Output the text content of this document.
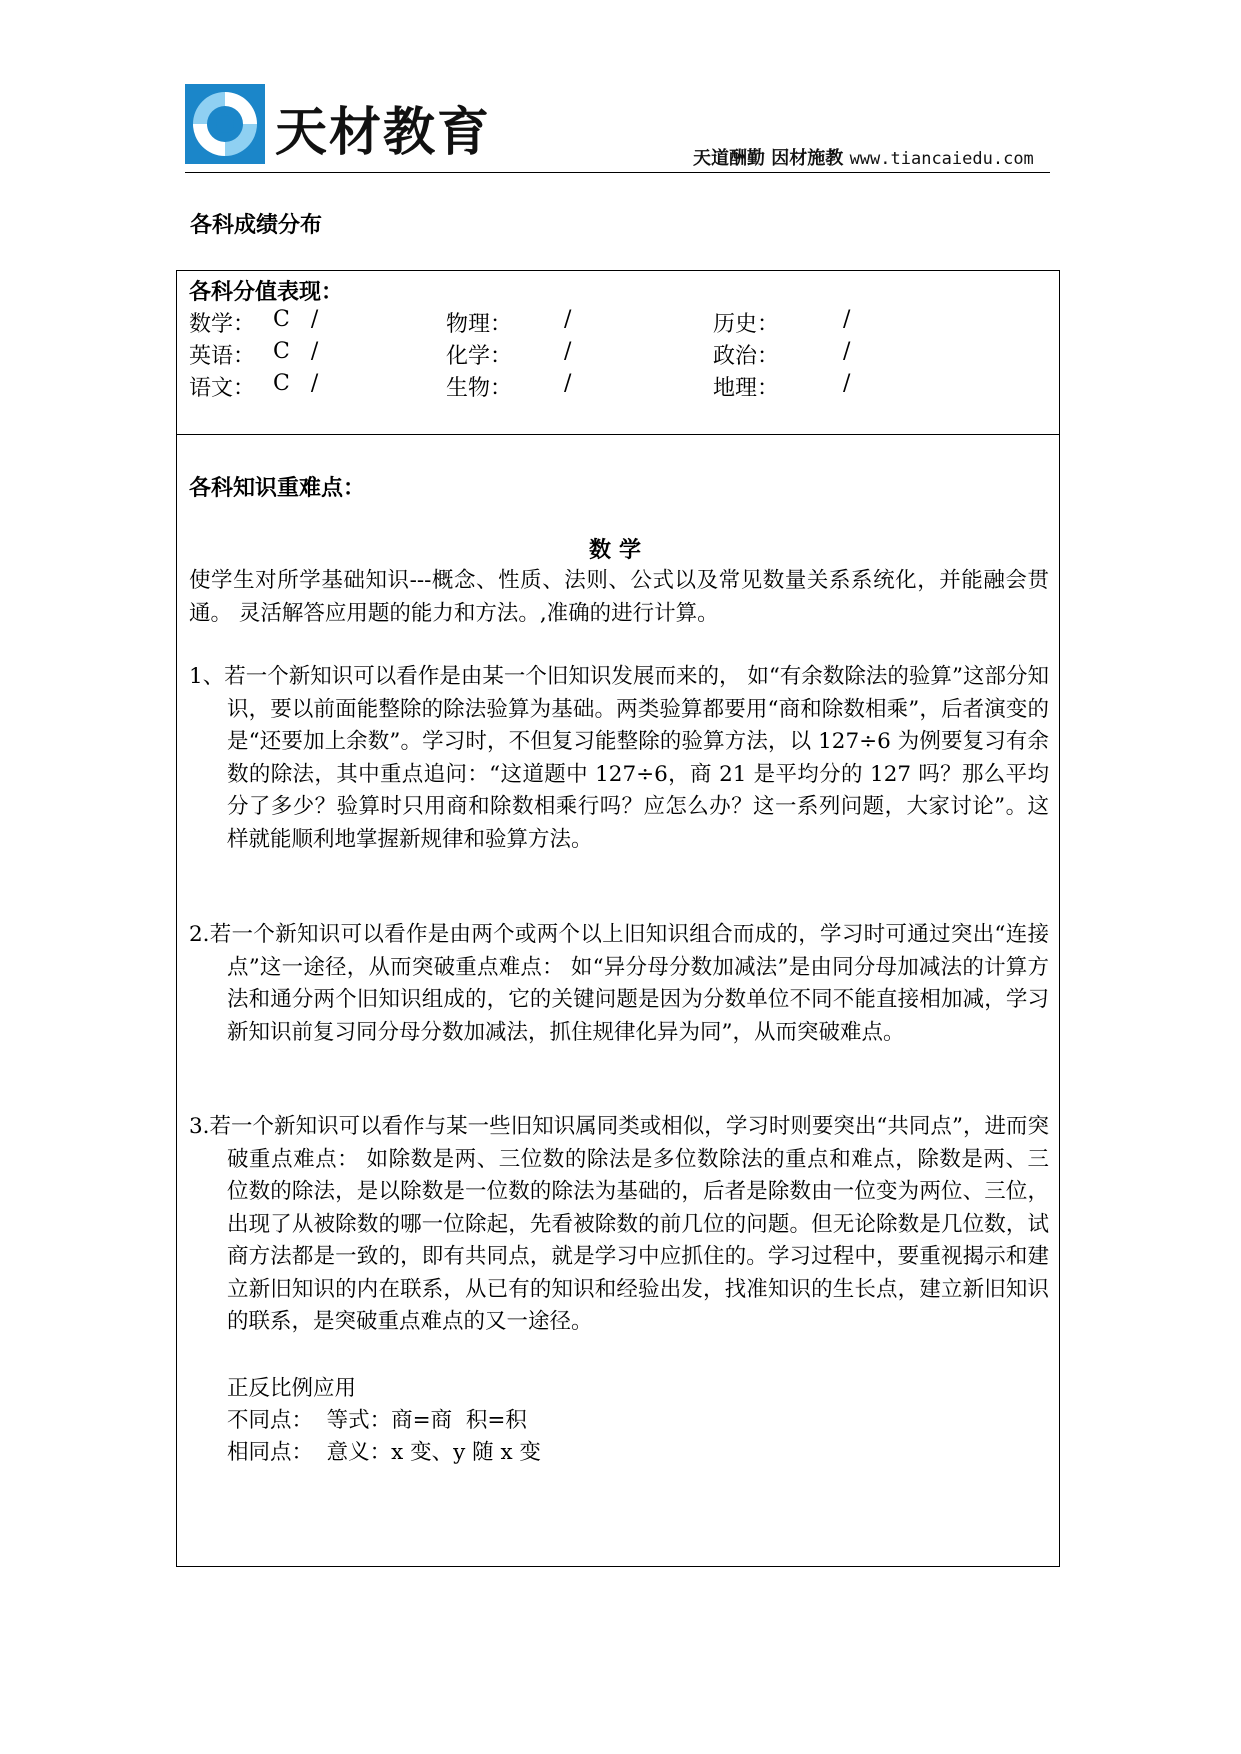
天材教育	天道酬勤 因材施教 www.tiancaiedu.com
各科成绩分布
各科分值表现：
数学： C   /	物理： /	历史：	/
英语： C   /	化学： /	政治：	/
语文： C   /	生物： /	地理：	/
各科知识重难点：
数学
使学生对所学基础知识---概念、性质、法则、公式以及常见数量关系系统化，并能融会贯通。 灵活解答应用题的能力和方法。,准确的进行计算。
1、若一个新知识可以看作是由某一个旧知识发展而来的， 如“有余数除法的验算”这部分知识，要以前面能整除的除法验算为基础。两类验算都要用“商和除数相乘”，后者演变的是“还要加上余数”。学习时，不但复习能整除的验算方法，以 127÷6 为例要复习有余数的除法，其中重点追问：“这道题中 127÷6，商 21 是平均分的 127 吗？那么平均分了多少？验算时只用商和除数相乘行吗？应怎么办？这一系列问题，大家讨论”。这样就能顺利地掌握新规律和验算方法。
2.若一个新知识可以看作是由两个或两个以上旧知识组合而成的，学习时可通过突出“连接点”这一途径，从而突破重点难点： 如“异分母分数加减法”是由同分母加减法的计算方法和通分两个旧知识组成的，它的关键问题是因为分数单位不同不能直接相加减，学习新知识前复习同分母分数加减法，抓住规律化异为同”，从而突破难点。
3.若一个新知识可以看作与某一些旧知识属同类或相似，学习时则要突出“共同点”，进而突破重点难点： 如除数是两、三位数的除法是多位数除法的重点和难点，除数是两、三位数的除法，是以除数是一位数的除法为基础的，后者是除数由一位变为两位、三位，出现了从被除数的哪一位除起，先看被除数的前几位的问题。但无论除数是几位数，试商方法都是一致的，即有共同点，就是学习中应抓住的。学习过程中，要重视揭示和建立新旧知识的内在联系，从已有的知识和经验出发，找准知识的生长点，建立新旧知识的联系，是突破重点难点的又一途径。
正反比例应用
不同点：  等式：商=商  积=积
相同点：  意义：x 变、y 随 x 变
